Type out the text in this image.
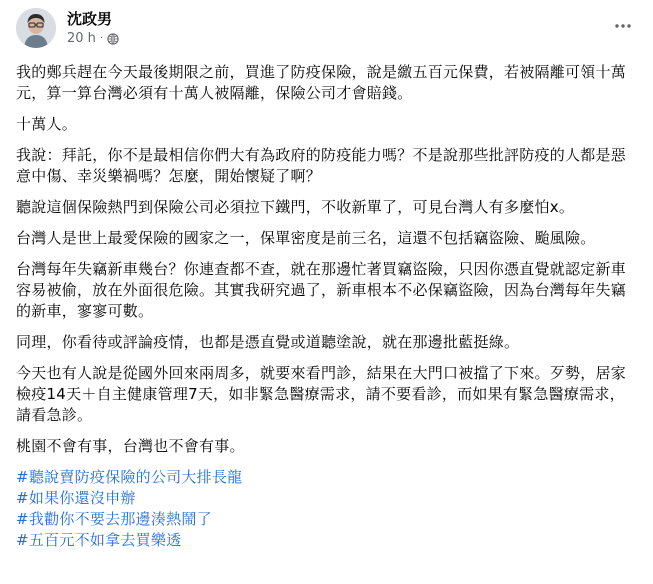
沈政男
20 h ·

我的鄭兵趕在今天最後期限之前，買進了防疫保險，說是繳五百元保費，若被隔離可領十萬元，算一算台灣必須有十萬人被隔離，保險公司才會賠錢。

十萬人。

我說：拜託，你不是最相信你們大有為政府的防疫能力嗎？不是說那些批評防疫的人都是惡意中傷、幸災樂禍嗎？怎麼，開始懷疑了啊？

聽說這個保險熱門到保險公司必須拉下鐵門，不收新單了，可見台灣人有多麼怕x。

台灣人是世上最愛保險的國家之一，保單密度是前三名，這還不包括竊盜險、颱風險。

台灣每年失竊新車幾台？你連查都不查，就在那邊忙著買竊盜險，只因你憑直覺就認定新車容易被偷，放在外面很危險。其實我研究過了，新車根本不必保竊盜險，因為台灣每年失竊的新車，寥寥可數。

同理，你看待或評論疫情，也都是憑直覺或道聽塗說，就在那邊批藍挺綠。

今天也有人說是從國外回來兩周多，就要來看門診，結果在大門口被擋了下來。歹勢，居家檢疫14天＋自主健康管理7天，如非緊急醫療需求，請不要看診，而如果有緊急醫療需求，請看急診。

桃園不會有事，台灣也不會有事。

#聽說賣防疫保險的公司大排長龍
#如果你還沒申辦
#我勸你不要去那邊湊熱鬧了
#五百元不如拿去買樂透
